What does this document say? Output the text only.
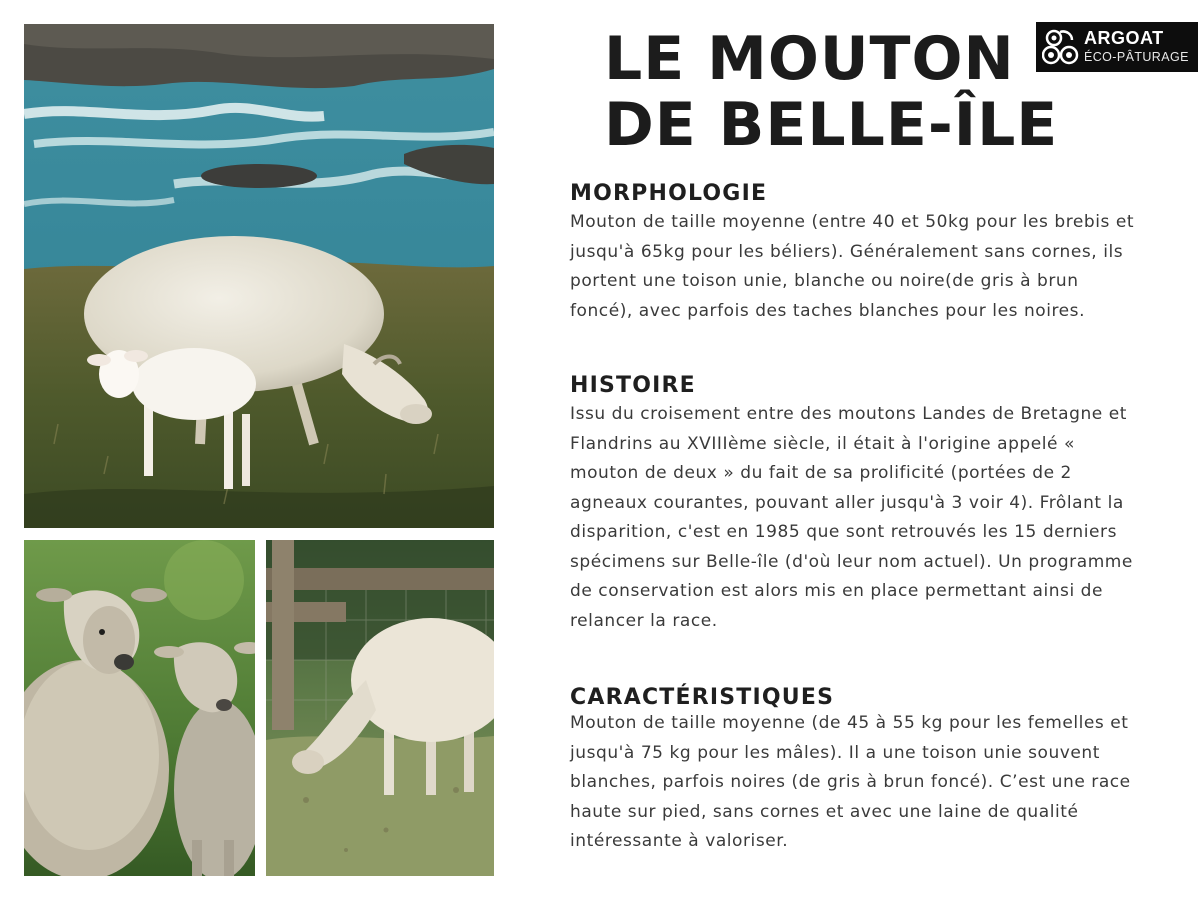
ARGOAT
ÉCO-PÂTURAGE
LE MOUTON
DE BELLE-ÎLE
MORPHOLOGIE

Mouton de taille moyenne (entre 40 et 50kg pour les brebis et jusqu'à 65kg pour les béliers). Généralement sans cornes, ils portent une toison unie, blanche ou noire(de gris à brun foncé), avec parfois des taches blanches pour les noires.

HISTOIRE

Issu du croisement entre des moutons Landes de Bretagne et Flandrins au XVIIIème siècle, il était à l'origine appelé « mouton de deux » du fait de sa prolificité (portées de 2 agneaux courantes, pouvant aller jusqu'à 3 voir 4). Frôlant la disparition, c'est en 1985 que sont retrouvés les 15 derniers spécimens sur Belle-île (d'où leur nom actuel). Un programme de conservation est alors mis en place permettant ainsi de relancer la race.

CARACTÉRISTIQUES

Mouton de taille moyenne (de 45 à 55 kg pour les femelles et jusqu'à 75 kg pour les mâles). Il a une toison unie souvent blanches, parfois noires (de gris à brun foncé). C’est une race haute sur pied, sans cornes et avec une laine de qualité intéressante à valoriser.
